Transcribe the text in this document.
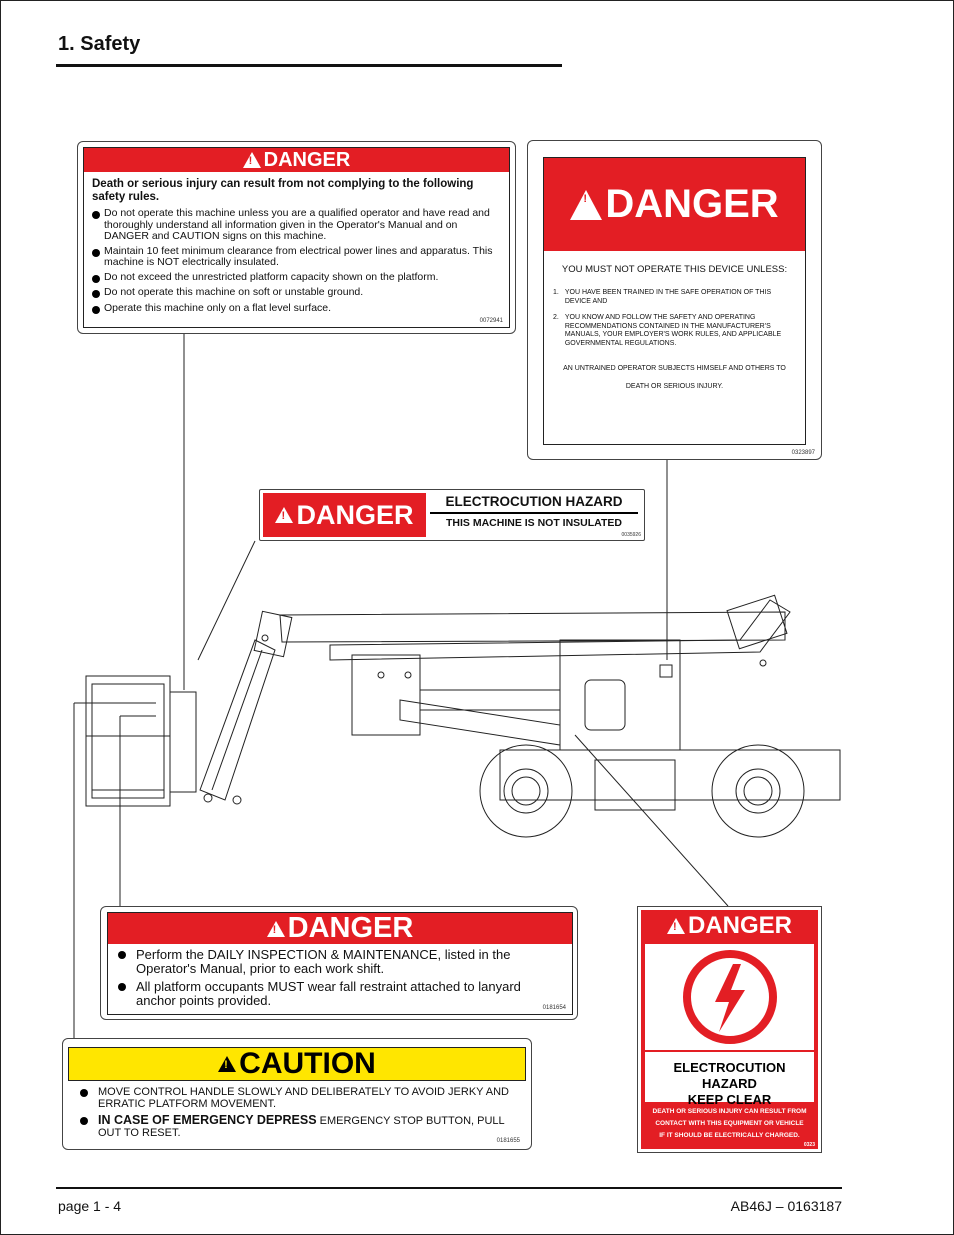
1. Safety
!
DANGER
Death or serious injury can result from not complying to the following safety rules.
Do not operate this machine unless you are a qualified operator and have read and thoroughly understand all information given in the Operator's Manual and on DANGER and CAUTION signs on this machine.
Maintain 10 feet minimum clearance from electrical power lines and apparatus. This machine is NOT electrically insulated.
Do not exceed the unrestricted platform capacity shown on the platform.
Do not operate this machine on soft or unstable ground.
Operate this machine only on a flat level surface.
0072941
!
DANGER
YOU MUST NOT OPERATE THIS DEVICE UNLESS:
1. YOU HAVE BEEN TRAINED IN THE SAFE OPERATION OF THIS DEVICE AND
2. YOU KNOW AND FOLLOW THE SAFETY AND OPERATING RECOMMENDATIONS CONTAINED IN THE MANUFACTURER'S MANUALS, YOUR EMPLOYER'S WORK RULES, AND APPLICABLE GOVERNMENTAL REGULATIONS.
AN UNTRAINED OPERATOR SUBJECTS HIMSELF AND OTHERS TO
DEATH OR SERIOUS INJURY.
0323897
!
DANGER	ELECTROCUTION HAZARD
THIS MACHINE IS NOT INSULATED
0035926
!
DANGER
Perform the DAILY INSPECTION & MAINTENANCE, listed in the Operator's Manual, prior to each work shift.
All platform occupants MUST wear fall restraint attached to lanyard anchor points provided.	0181654
!
CAUTION
MOVE CONTROL HANDLE SLOWLY AND DELIBERATELY TO AVOID JERKY AND ERRATIC PLATFORM MOVEMENT.
IN CASE OF EMERGENCY DEPRESS EMERGENCY STOP BUTTON, PULL OUT TO RESET.
0181655
!
DANGER
ELECTROCUTION HAZARD
KEEP CLEAR
DEATH OR SERIOUS INJURY CAN RESULT FROM
CONTACT WITH THIS EQUIPMENT OR VEHICLE
IF IT SHOULD BE ELECTRICALLY CHARGED.
0323
page 1 - 4	AB46J – 0163187
